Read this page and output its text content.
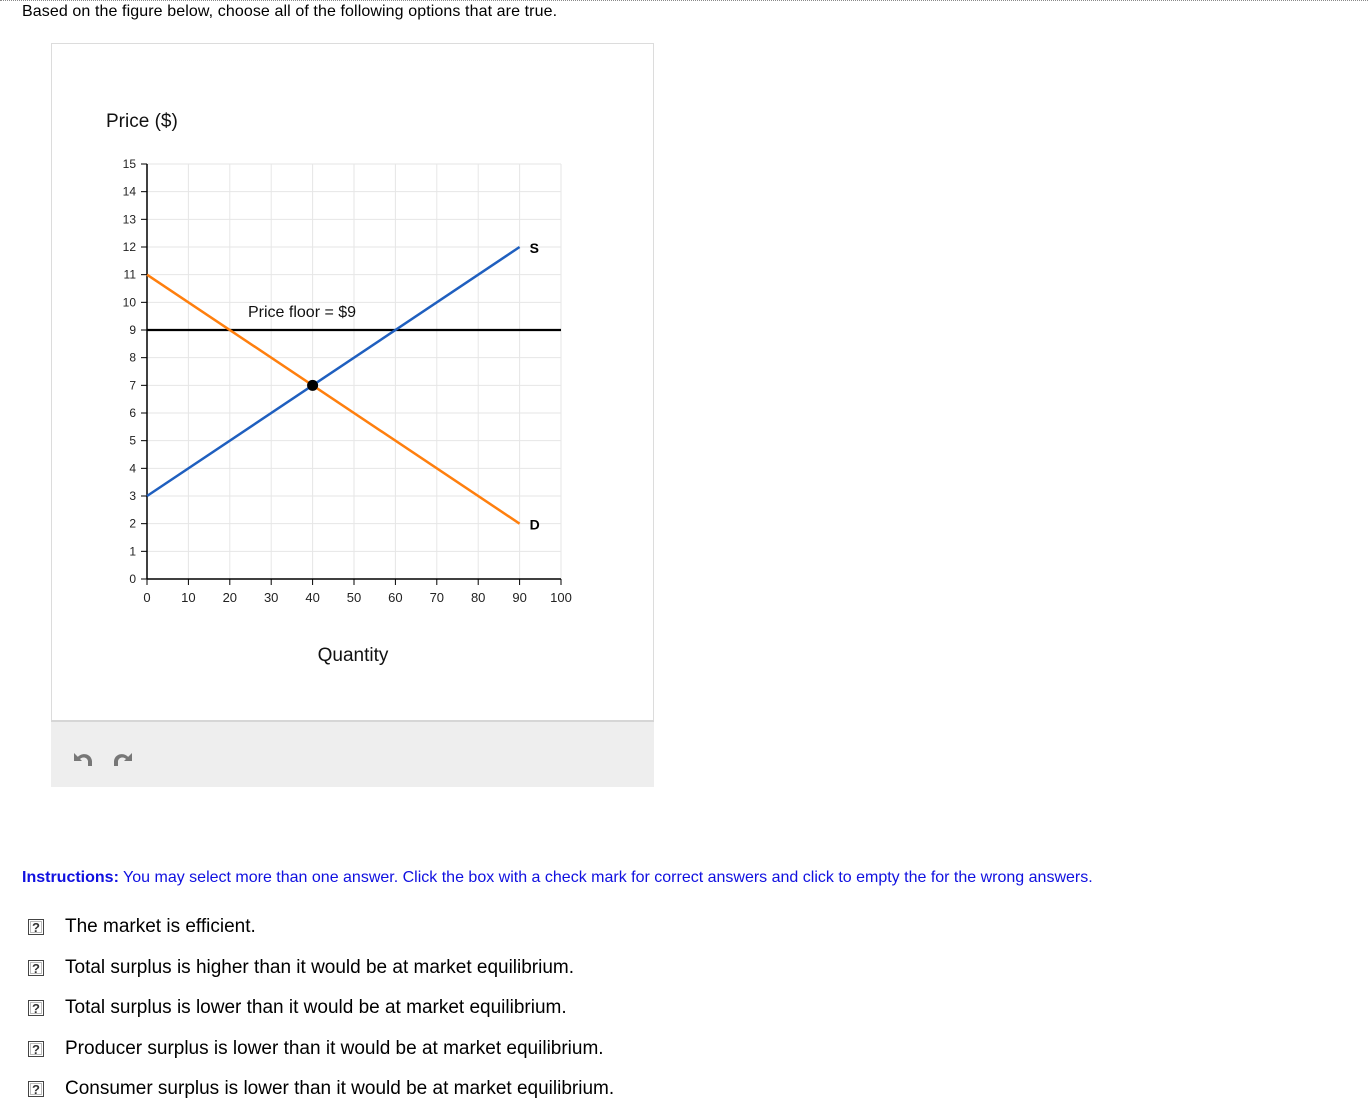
Based on the figure below, choose all of the following options that are true.
Price ($)
Quantity
0
1
2
3
4
5
6
7
8
9
10
11
12
13
14
15
0 10 20 30 40 50 60 70 80 90 100
S
D
Price floor = $9
Instructions: You may select more than one answer. Click the box with a check mark for correct answers and click to empty the for the wrong answers.
? The market is efficient.
? Total surplus is higher than it would be at market equilibrium.
? Total surplus is lower than it would be at market equilibrium.
? Producer surplus is lower than it would be at market equilibrium.
? Consumer surplus is lower than it would be at market equilibrium.
